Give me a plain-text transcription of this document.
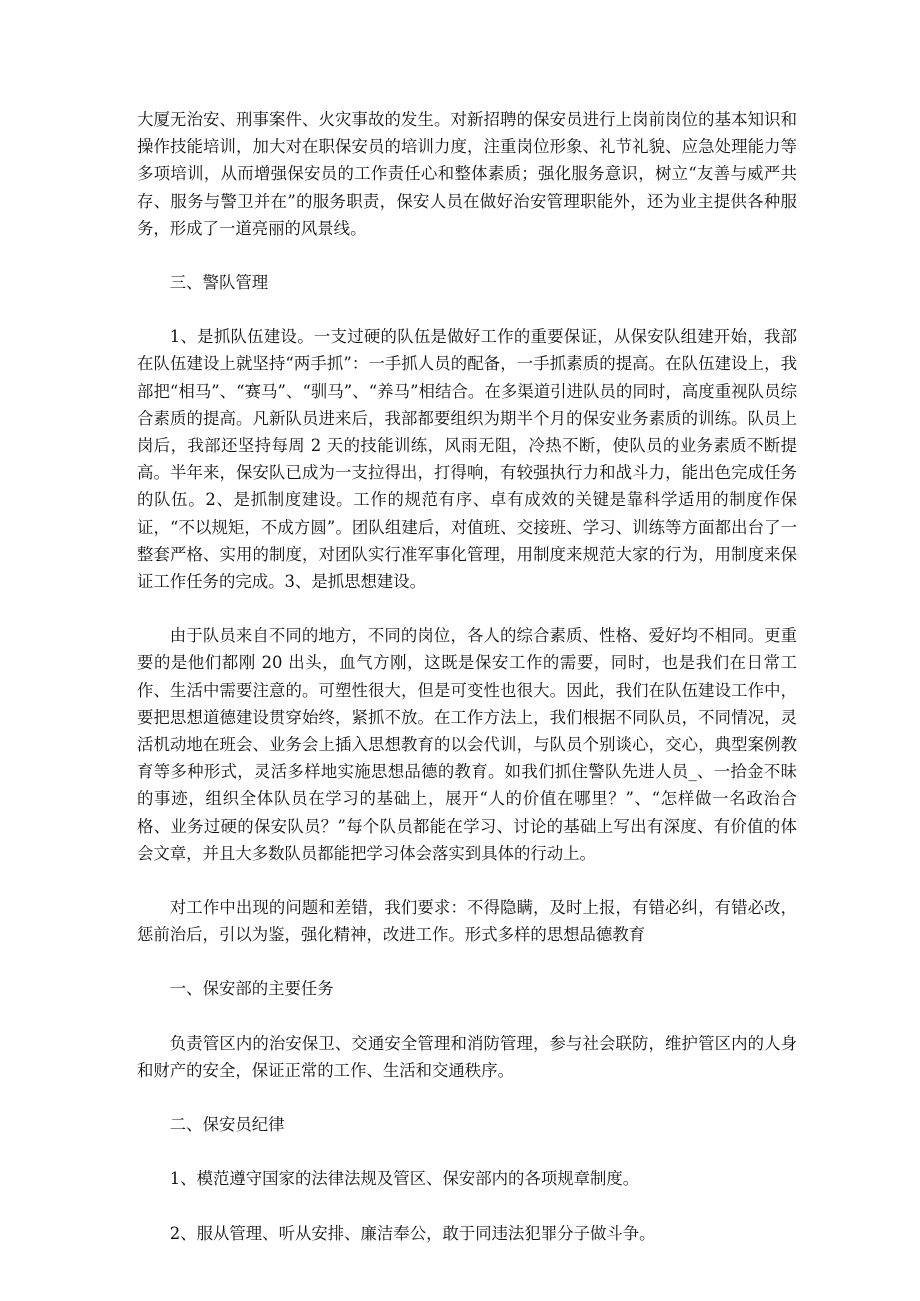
大厦无治安、刑事案件、火灾事故的发生。对新招聘的保安员进行上岗前岗位的基本知识和操作技能培训，加大对在职保安员的培训力度，注重岗位形象、礼节礼貌、应急处理能力等多项培训，从而增强保安员的工作责任心和整体素质；强化服务意识，树立“友善与威严共存、服务与警卫并在”的服务职责，保安人员在做好治安管理职能外，还为业主提供各种服务，形成了一道亮丽的风景线。

三、警队管理

1、是抓队伍建设。一支过硬的队伍是做好工作的重要保证，从保安队组建开始，我部在队伍建设上就坚持“两手抓”：一手抓人员的配备，一手抓素质的提高。在队伍建设上，我部把“相马”、“赛马”、“驯马”、“养马”相结合。在多渠道引进队员的同时，高度重视队员综合素质的提高。凡新队员进来后，我部都要组织为期半个月的保安业务素质的训练。队员上岗后，我部还坚持每周 2 天的技能训练，风雨无阻，冷热不断，使队员的业务素质不断提高。半年来，保安队已成为一支拉得出，打得响，有较强执行力和战斗力，能出色完成任务的队伍。2、是抓制度建设。工作的规范有序、卓有成效的关键是靠科学适用的制度作保证，“不以规矩，不成方圆”。团队组建后，对值班、交接班、学习、训练等方面都出台了一整套严格、实用的制度，对团队实行准军事化管理，用制度来规范大家的行为，用制度来保证工作任务的完成。3、是抓思想建设。

由于队员来自不同的地方，不同的岗位，各人的综合素质、性格、爱好均不相同。更重要的是他们都刚 20 出头，血气方刚，这既是保安工作的需要，同时，也是我们在日常工作、生活中需要注意的。可塑性很大，但是可变性也很大。因此，我们在队伍建设工作中，要把思想道德建设贯穿始终，紧抓不放。在工作方法上，我们根据不同队员，不同情况，灵活机动地在班会、业务会上插入思想教育的以会代训，与队员个别谈心，交心，典型案例教育等多种形式，灵活多样地实施思想品德的教育。如我们抓住警队先进人员_、一拾金不昧的事迹，组织全体队员在学习的基础上，展开“人的价值在哪里？”、“怎样做一名政治合格、业务过硬的保安队员？”每个队员都能在学习、讨论的基础上写出有深度、有价值的体会文章，并且大多数队员都能把学习体会落实到具体的行动上。

对工作中出现的问题和差错，我们要求：不得隐瞒，及时上报，有错必纠，有错必改，惩前治后，引以为鉴，强化精神，改进工作。形式多样的思想品德教育

一、保安部的主要任务

负责管区内的治安保卫、交通安全管理和消防管理，参与社会联防，维护管区内的人身和财产的安全，保证正常的工作、生活和交通秩序。

二、保安员纪律

1、模范遵守国家的法律法规及管区、保安部内的各项规章制度。

2、服从管理、听从安排、廉洁奉公，敢于同违法犯罪分子做斗争。
